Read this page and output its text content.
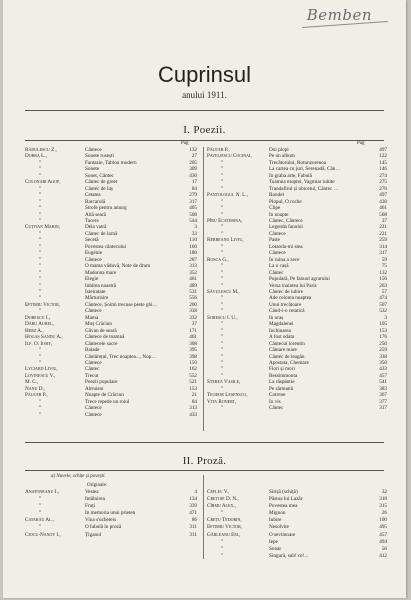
Bemben
Cuprinsul
anului 1911.
I. Poezii.
Pag	Pag
Rădulescu Z.,	Cântece	132
Dobra L.,	Sonete rusești	27
”	Fantazie, Tablou modern	205
”	Sonete	309
”	Sonet, Cântec	430
Colonari Agop,	Cântec de greer	17
”	Cântec de Iaș	84
”	Cetatea	279
”	Barcarolă	317
”	Strofe pentru amurg	405
”	Altă seară	508
”	Tacere	544
Cuțitan Marin,	Dela vatră	3
”	Cântec de larnă	33
”	Secetă	110
”	Povestea cântecului	160
”	Eugénie	180
”	Cântece	287
”	O mama văduvă, Note de drum	313
”	Madonna mare	352
”	Elegie	461
”	Iubirea noastră	489
”	Isteiratate	531
”	Mărturisire	556
Eftimiu Victor,	Cântece, Șoimi trecuse peste ghi…	200
”	Cântece	338
Dobescu I.,	Mama	332
Dăbu Aurel,	Moș Crăciun	37
Herz A.,	Găvan de seară	171
Hogaș Sandu A.,	Cântece de toamnă	461
Ilf. O. Iosif,	Cântecele sacre	308
”	Balade	395
”	Cântărețul, Trec noaptea..., Nop…	398
”	Cântece	150
Lyciard Liviu,	Cântec	162
Lovinescu V.,	Trecut	552
M. C.,	Poezii populare	521
Nanu D.,	Altruism	153
Păucer P.,	Noapte de Crăciun	21
”	Trece repede un roiul	84
”	Cântece	313
”	Cântece	433
Păucer P.,	Doi plopi	497
Paveliescu Cocinai,	Pe un album	122
”	Trecătorului, Rotunzurenoa	145
”	La cartea cu juri, Serenadă, Cân…	146
”	În graba arte, Fabulă	274
”	Toamna moptei, Vagmiar iubite	275
”	Trandafirul și obiceiul, Cântec …	276
Pantologul N. L.,	Rondel	497
”	Plopul, O roche	430
”	Clipe	461
”	În noapte	508
Pîru Ecaterina,	Cântec, Cântece	37
”	Legenda fanului	221
”	Cântece	221
Rebreanu Liviu,	Paste	259
”	Lotaoda-mi stea	314
”	Cântece	317
Rosca G.,	În ruina a zece	59
”	La o casă	75
”	Cântec	132
”	Populară, Pe fanuul agrarului	156
”	Versa inaintea lui Paris	263
Săvulescu M.,	Cântec de iubire	57
”	Ade celorea noaptea	474
”	Unui trecătoare	507
”	Când-i-o cetatică	532
Sorescu I. U.,	În oraș	3
”	Magdalenei	105
”	Inchinarea	153
”	A fost odata	176
”	Cântecul lorentin	250
”	Cântare mare	259
”	Cântec de leagăn	338
”	Apostata, Chemare	350
”	Flori și mori	433
”	Bessimmonta	457
Sterea Vasile,	La răspântie	541
”	Pe sărmanii	383
Teodor Lesensco,	Cotrene	367
Vita Ronert,	În vis	377
”	Cântec	317
II. Proză.
a) Nuvele, schițe și povești.
Originale:
Anatoneanu I.,	Vestea	4
”	Intâlnirea	134
”	Fruți	339
”	În memoria unui prieten	471
Catarău Al.,	Vina s'ucheteis	86
”	O fabulă în proză	311
Ciocu-Nanov I.,	Țiganul	311
Ceflec V.,	Sirișă (schiță)	32
Crețoie D. N.,	Păstoa lui Lazăr	318
Cîrmu Alex.,	Povestea mea	315
”	Mignon	26
Crețu Tedorin,	Iubire	100
Eftimiu Victor,	Nesolvite	495
Gârleanu Em.,	O sevimoare	457
”	Iepe	494
”	Sonar	56
”	Singură, sub! ce!...	412
